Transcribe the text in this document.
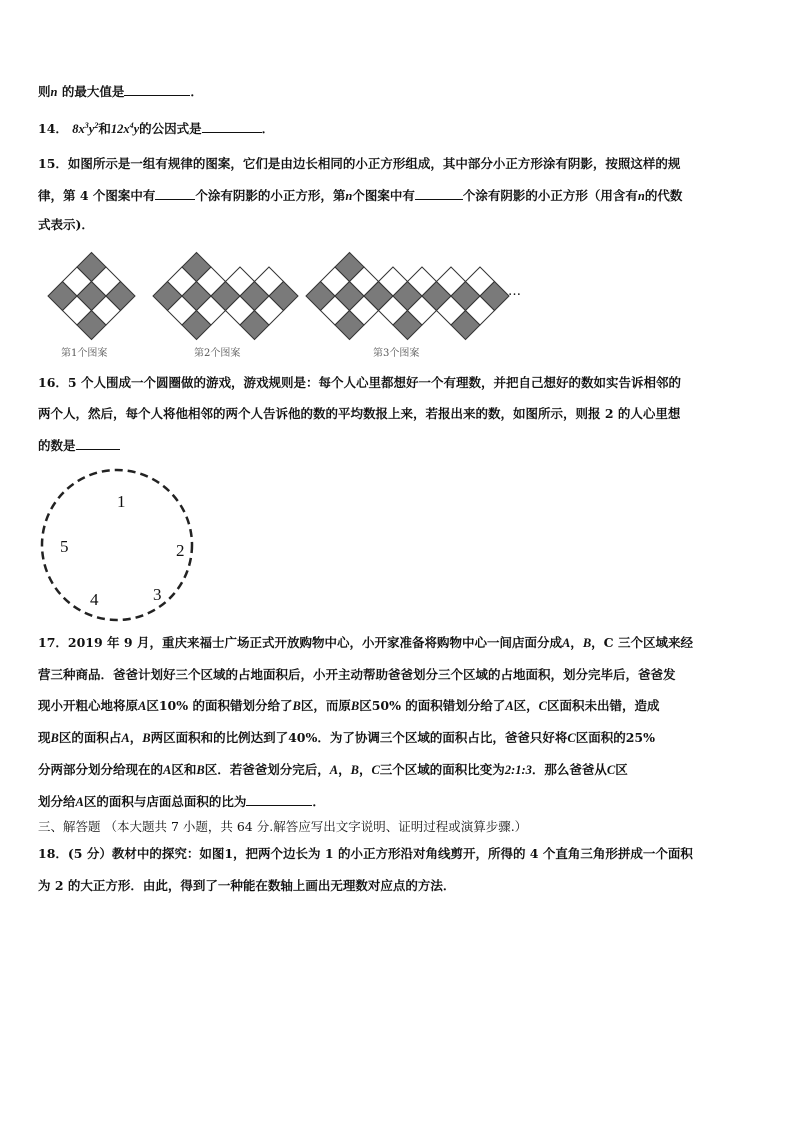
则n 的最大值是	．
14． $8x^3y^2$和$12x^4y$的公因式是	．
15．如图所示是一组有规律的图案，它们是由边长相同的小正方形组成，其中部分小正方形涂有阴影，按照这样的规
律，第 4 个图案中有	个涂有阴影的小正方形，第n个图案中有	个涂有阴影的小正方形（用含有n的代数
式表示)．
第1个图案	第2个图案	第3个图案
…
16．5 个人围成一个圆圈做的游戏，游戏规则是：每个人心里都想好一个有理数，并把自己想好的数如实告诉相邻的
两个人，然后，每个人将他相邻的两个人告诉他的数的平均数报上来，若报出来的数，如图所示，则报 2 的人心里想
的数是
1
2
3
4
5
17．2019 年 9 月，重庆来福士广场正式开放购物中心，小开家准备将购物中心一间店面分成A，B，C 三个区域来经
营三种商品．爸爸计划好三个区域的占地面积后，小开主动帮助爸爸划分三个区域的占地面积，划分完毕后，爸爸发
现小开粗心地将原A区10% 的面积错划分给了B区，而原B区50% 的面积错划分给了A区，C区面积未出错，造成
现B区的面积占A，B两区面积和的比例达到了40%．为了协调三个区域的面积占比，爸爸只好将C区面积的25%
分两部分划分给现在的A区和B区．若爸爸划分完后，A，B，C三个区域的面积比变为2:1:3．那么爸爸从C区
划分给A区的面积与店面总面积的比为	．
三、解答题 （本大题共 7 小题，共 64 分.解答应写出文字说明、证明过程或演算步骤.）
18．(5 分）教材中的探究：如图1，把两个边长为 1 的小正方形沿对角线剪开，所得的 4 个直角三角形拼成一个面积
为 2 的大正方形．由此，得到了一种能在数轴上画出无理数对应点的方法．
